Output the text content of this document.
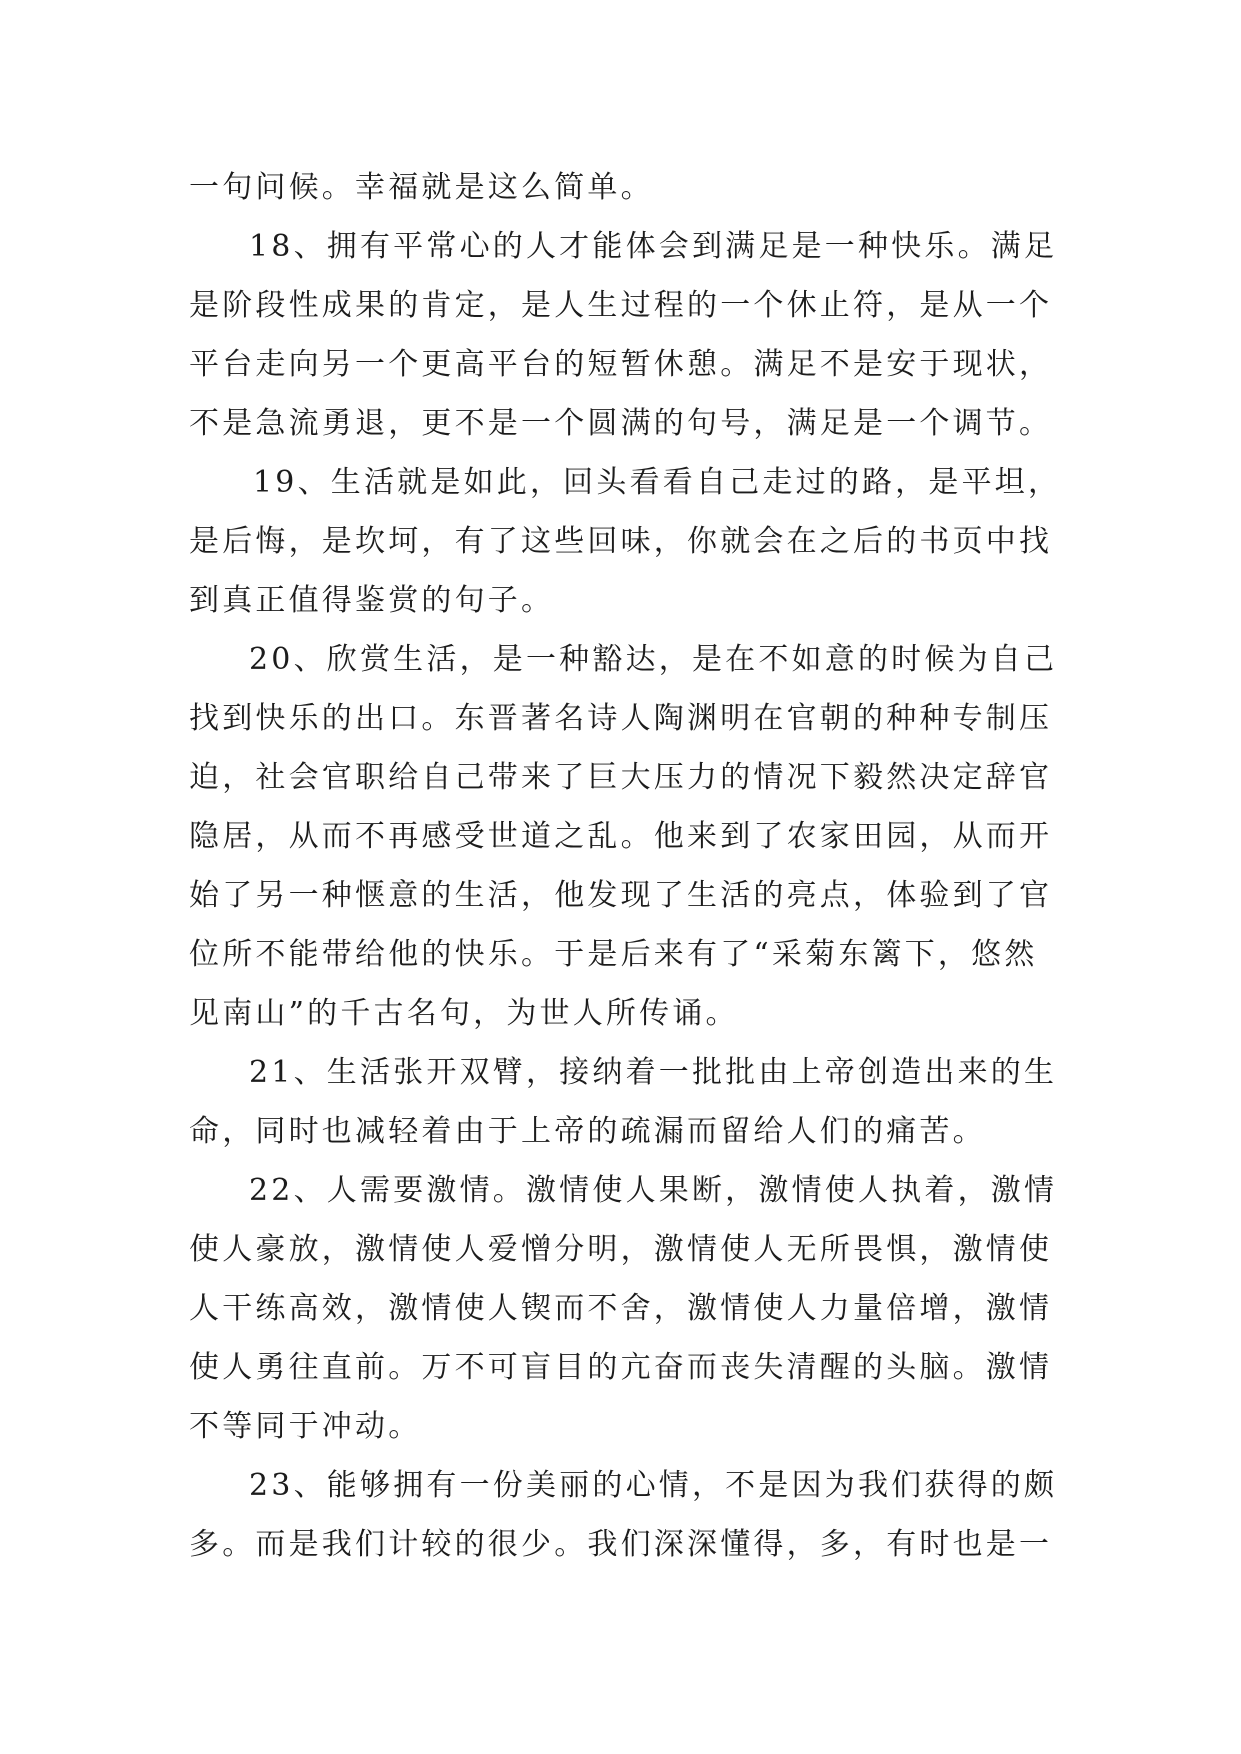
一句问候。幸福就是这么简单。
18、拥有平常心的人才能体会到满足是一种快乐。满足
是阶段性成果的肯定，是人生过程的一个休止符，是从一个
平台走向另一个更高平台的短暂休憩。满足不是安于现状，
不是急流勇退，更不是一个圆满的句号，满足是一个调节。
19、生活就是如此，回头看看自己走过的路，是平坦，
是后悔，是坎坷，有了这些回味，你就会在之后的书页中找
到真正值得鉴赏的句子。
20、欣赏生活，是一种豁达，是在不如意的时候为自己
找到快乐的出口。东晋著名诗人陶渊明在官朝的种种专制压
迫，社会官职给自己带来了巨大压力的情况下毅然决定辞官
隐居，从而不再感受世道之乱。他来到了农家田园，从而开
始了另一种惬意的生活，他发现了生活的亮点，体验到了官
位所不能带给他的快乐。于是后来有了“采菊东篱下，悠然
见南山”的千古名句，为世人所传诵。
21、生活张开双臂，接纳着一批批由上帝创造出来的生
命，同时也减轻着由于上帝的疏漏而留给人们的痛苦。
22、人需要激情。激情使人果断，激情使人执着，激情
使人豪放，激情使人爱憎分明，激情使人无所畏惧，激情使
人干练高效，激情使人锲而不舍，激情使人力量倍增，激情
使人勇往直前。万不可盲目的亢奋而丧失清醒的头脑。激情
不等同于冲动。
23、能够拥有一份美丽的心情，不是因为我们获得的颇
多。而是我们计较的很少。我们深深懂得，多，有时也是一
